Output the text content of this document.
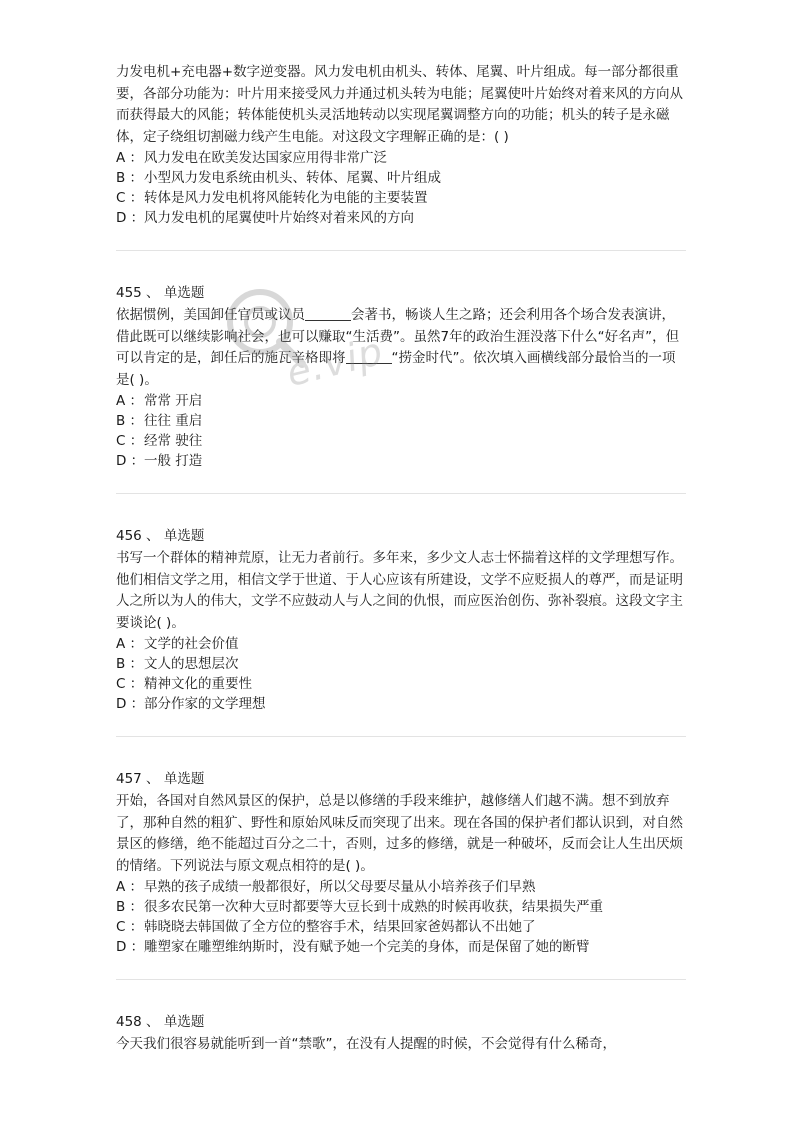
力发电机+充电器+数字逆变器。风力发电机由机头、转体、尾翼、叶片组成。每一部分都很重要，各部分功能为：叶片用来接受风力并通过机头转为电能；尾翼使叶片始终对着来风的方向从而获得最大的风能；转体能使机头灵活地转动以实现尾翼调整方向的功能；机头的转子是永磁体，定子绕组切割磁力线产生电能。对这段文字理解正确的是：( )

A ：风力发电在欧美发达国家应用得非常广泛

B ：小型风力发电系统由机头、转体、尾翼、叶片组成

C ：转体是风力发电机将风能转化为电能的主要装置

D ：风力发电机的尾翼使叶片始终对着来风的方向

455 、 单选题

依据惯例，美国卸任官员或议员	会著书，畅谈人生之路；还会利用各个场合发表演讲，借此既可以继续影响社会，也可以赚取“生活费”。虽然7年的政治生涯没落下什么“好名声”，但可以肯定的是，卸任后的施瓦辛格即将	“捞金时代”。依次填入画横线部分最恰当的一项是( )。

A ：常常 开启

B ：往往 重启

C ：经常 驶往

D ：一般 打造

456 、 单选题

书写一个群体的精神荒原，让无力者前行。多年来，多少文人志士怀揣着这样的文学理想写作。他们相信文学之用，相信文学于世道、于人心应该有所建设，文学不应贬损人的尊严，而是证明人之所以为人的伟大，文学不应鼓动人与人之间的仇恨，而应医治创伤、弥补裂痕。这段文字主要谈论( )。

A ：文学的社会价值

B ：文人的思想层次

C ：精神文化的重要性

D ：部分作家的文学理想

457 、 单选题

开始，各国对自然风景区的保护，总是以修缮的手段来维护，越修缮人们越不满。想不到放弃了，那种自然的粗犷、野性和原始风味反而突现了出来。现在各国的保护者们都认识到，对自然景区的修缮，绝不能超过百分之二十，否则，过多的修缮，就是一种破坏，反而会让人生出厌烦的情绪。下列说法与原文观点相符的是( )。

A ：早熟的孩子成绩一般都很好，所以父母要尽量从小培养孩子们早熟

B ：很多农民第一次种大豆时都要等大豆长到十成熟的时候再收获，结果损失严重

C ：韩晓晓去韩国做了全方位的整容手术，结果回家爸妈都认不出她了

D ：雕塑家在雕塑维纳斯时，没有赋予她一个完美的身体，而是保留了她的断臂

458 、 单选题

今天我们很容易就能听到一首“禁歌”，在没有人提醒的时候，不会觉得有什么稀奇，

e.vip
